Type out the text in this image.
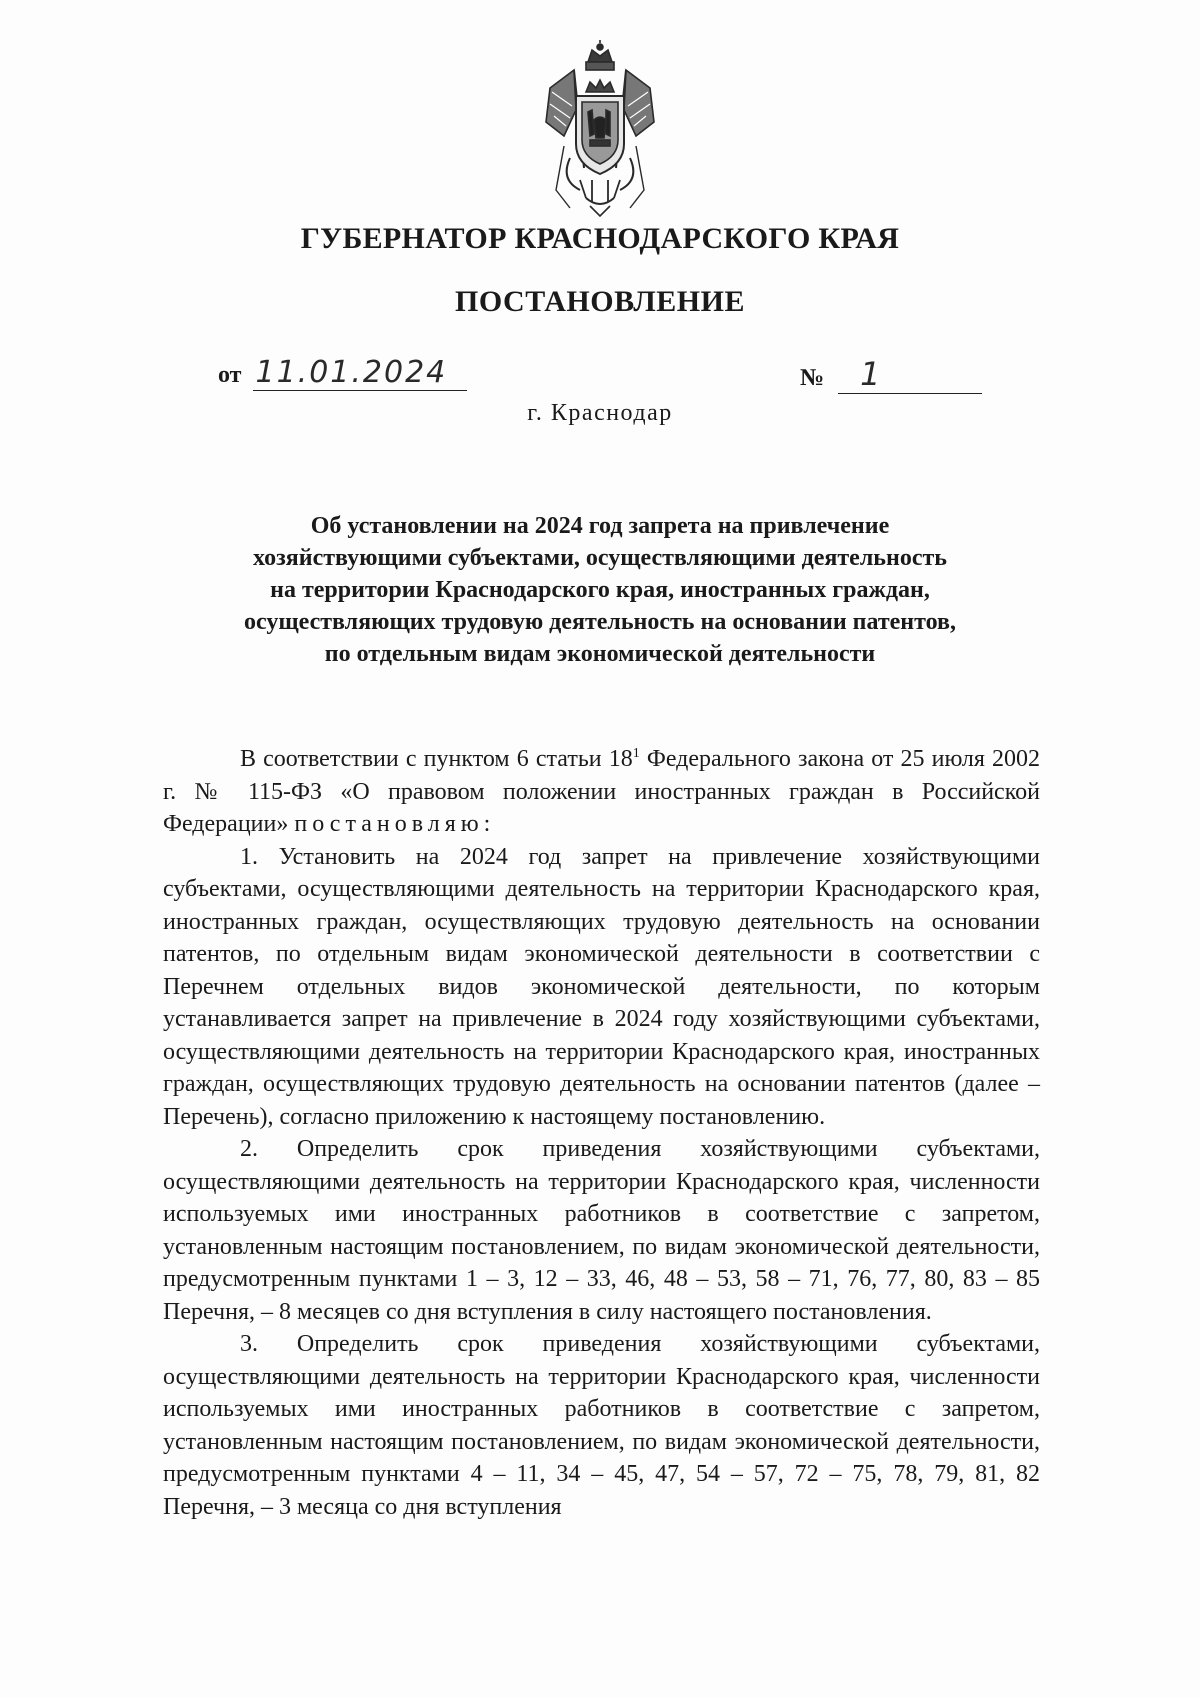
ГУБЕРНАТОР КРАСНОДАРСКОГО КРАЯ
ПОСТАНОВЛЕНИЕ
от 11.01.2024	№ 1
г. Краснодар
Об установлении на 2024 год запрета на привлечение
хозяйствующими субъектами, осуществляющими деятельность
на территории Краснодарского края, иностранных граждан,
осуществляющих трудовую деятельность на основании патентов,
по отдельным видам экономической деятельности

В соответствии с пунктом 6 статьи $18^1$ Федерального закона от 25 июля 2002 г. № 115-ФЗ «О правовом положении иностранных граждан в Российской Федерации» постановляю:

1. Установить на 2024 год запрет на привлечение хозяйствующими субъектами, осуществляющими деятельность на территории Краснодарского края, иностранных граждан, осуществляющих трудовую деятельность на основании патентов, по отдельным видам экономической деятельности в соответствии с Перечнем отдельных видов экономической деятельности, по которым устанавливается запрет на привлечение в 2024 году хозяйствующими субъектами, осуществляющими деятельность на территории Краснодарского края, иностранных граждан, осуществляющих трудовую деятельность на основании патентов (далее – Перечень), согласно приложению к настоящему постановлению.

2. Определить срок приведения хозяйствующими субъектами, осуществляющими деятельность на территории Краснодарского края, численности используемых ими иностранных работников в соответствие с запретом, установленным настоящим постановлением, по видам экономической деятельности, предусмотренным пунктами 1 – 3, 12 – 33, 46, 48 – 53, 58 – 71, 76, 77, 80, 83 – 85 Перечня, – 8 месяцев со дня вступления в силу настоящего постановления.

3. Определить срок приведения хозяйствующими субъектами, осуществляющими деятельность на территории Краснодарского края, численности используемых ими иностранных работников в соответствие с запретом, установленным настоящим постановлением, по видам экономической деятельности, предусмотренным пунктами 4 – 11, 34 – 45, 47, 54 – 57, 72 – 75, 78, 79, 81, 82 Перечня, – 3 месяца со дня вступления
